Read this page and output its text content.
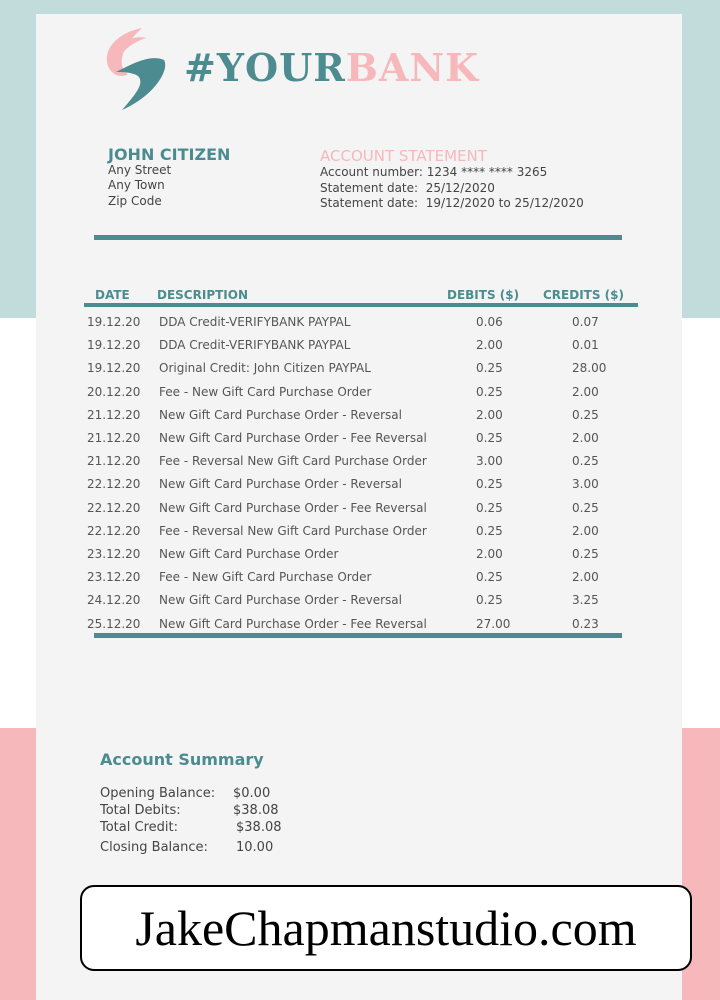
#YOURBANK
JOHN CITIZEN
Any Street
Any Town
Zip Code
ACCOUNT STATEMENT
Account number: 1234 **** **** 3265
Statement date: 25/12/2020
Statement date: 19/12/2020 to 25/12/2020
DATE DESCRIPTION	DEBITS ($) CREDITS ($)
19.12.20 DDA Credit-VERIFYBANK PAYPAL	0.06	0.07
19.12.20 DDA Credit-VERIFYBANK PAYPAL	2.00	0.01
19.12.20 Original Credit: John Citizen PAYPAL	0.25	28.00
20.12.20 Fee - New Gift Card Purchase Order	0.25	2.00
21.12.20 New Gift Card Purchase Order - Reversal	2.00	0.25
21.12.20 New Gift Card Purchase Order - Fee Reversal	0.25	2.00
21.12.20 Fee - Reversal New Gift Card Purchase Order	3.00	0.25
22.12.20 New Gift Card Purchase Order - Reversal	0.25	3.00
22.12.20 New Gift Card Purchase Order - Fee Reversal	0.25	0.25
22.12.20 Fee - Reversal New Gift Card Purchase Order	0.25	2.00
23.12.20 New Gift Card Purchase Order	2.00	0.25
23.12.20 Fee - New Gift Card Purchase Order	0.25	2.00
24.12.20 New Gift Card Purchase Order - Reversal	0.25	3.25
25.12.20 New Gift Card Purchase Order - Fee Reversal	27.00	0.23
Account Summary
Opening Balance: $0.00
Total Debits:	$38.08
Total Credit:	$38.08
Closing Balance: 10.00
JakeChapmanstudio.com
